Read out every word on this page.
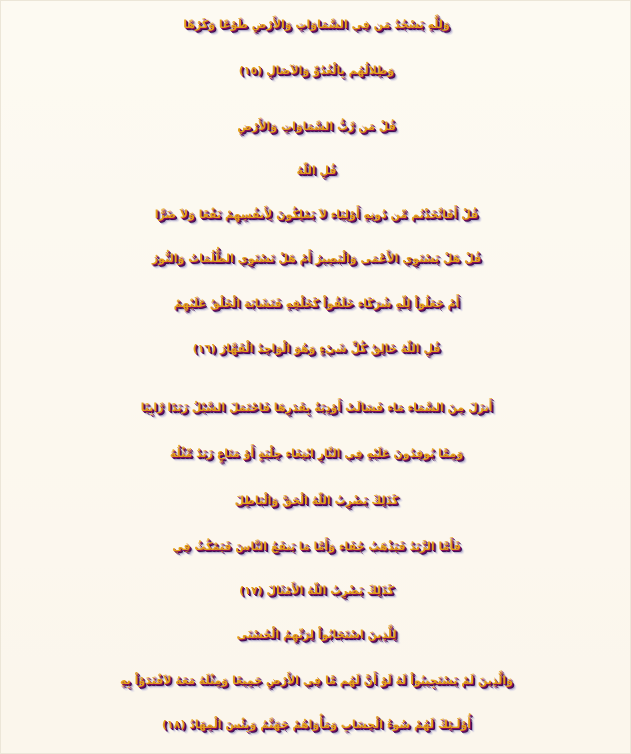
وَلِلَّهِ يَسْجُدُ مَن فِي السَّمَاوَاتِ وَالأَرْضِ طَوْعًا وَكَرْهًا
وَظِلالُهُم بِالْغُدُوِّ وَالآصَالِ (١٥)
قُلْ مَن رَّبُّ السَّمَاوَاتِ وَالأَرْضِ
قُلِ اللّهُ
قُلْ أَفَاتَّخَذْتُم مِّن دُونِهِ أَوْلِيَاء لاَ يَمْلِكُونَ لِأَنفُسِهِمْ نَفْعًا وَلاَ ضَرًّا
قُلْ هَلْ يَسْتَوِي الأَعْمَى وَالْبَصِيرُ أَمْ هَلْ تَسْتَوِي الظُّلُمَاتُ وَالنُّورُ
أَمْ جَعَلُواْ لِلّهِ شُرَكَاء خَلَقُواْ كَخَلْقِهِ فَتَشَابَهَ الْخَلْقُ عَلَيْهِمْ
قُلِ اللّهُ خَالِقُ كُلِّ شَيْءٍ وَهُوَ الْوَاحِدُ الْقَهَّارُ (١٦)
أَنزَلَ مِنَ السَّمَاء مَاء فَسَالَتْ أَوْدِيَةٌ بِقَدَرِهَا فَاحْتَمَلَ السَّيْلُ زَبَدًا رَّابِيًا
وَمِمَّا يُوقِدُونَ عَلَيْهِ فِي النَّارِ ابْتِغَاء حِلْيَةٍ أَوْ مَتَاعٍ زَبَدٌ مِّثْلُهُ
كَذَلِكَ يَضْرِبُ اللّهُ الْحَقَّ وَالْبَاطِلَ
فَأَمَّا الزَّبَدُ فَيَذْهَبُ جُفَاء وَأَمَّا مَا يَنفَعُ النَّاسَ فَيَمْكُثُ فِي
كَذَلِكَ يَضْرِبُ اللّهُ الأَمْثَالَ (١٧)
لِلَّذِينَ اسْتَجَابُواْ لِرَبِّهِمُ الْحُسْنَى
وَالَّذِينَ لَمْ يَسْتَجِيبُواْ لَهُ لَوْ أَنَّ لَهُم مَّا فِي الأَرْضِ جَمِيعًا وَمِثْلَهُ مَعَهُ لاَفْتَدَوْاْ بِهِ
أُوْلَـئِكَ لَهُمْ سُوءُ الْحِسَابِ وَمَأْوَاهُمْ جَهَنَّمُ وَبِئْسَ الْمِهَادُ (١٨)
